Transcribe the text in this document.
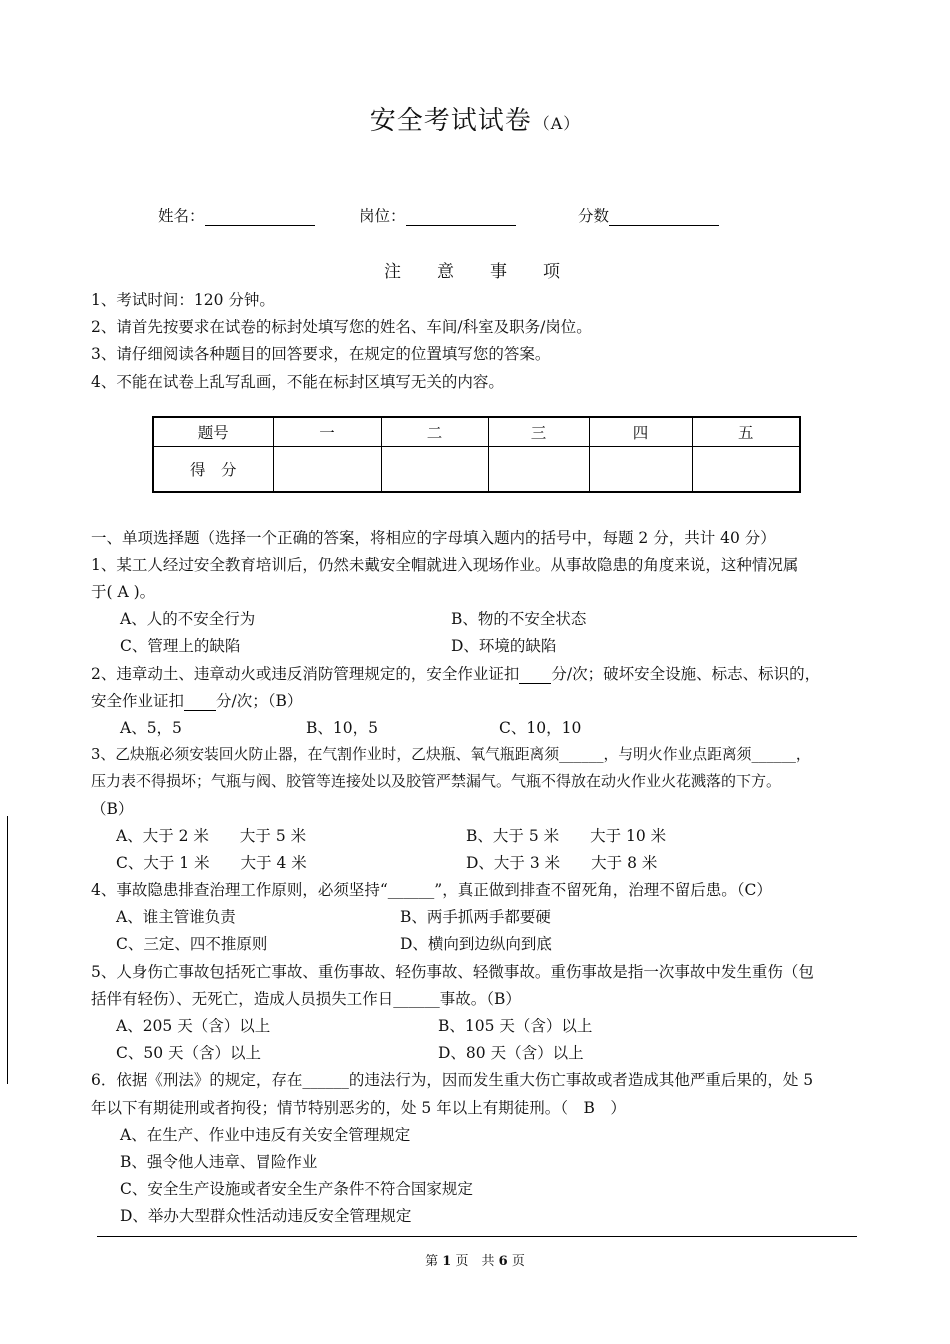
安全考试试卷 （A）
姓名：	岗位：	分数
注意事项
1、考试时间：120 分钟。
2、请首先按要求在试卷的标封处填写您的姓名、车间/科室及职务/岗位。
3、请仔细阅读各种题目的回答要求，在规定的位置填写您的答案。
4、不能在试卷上乱写乱画，不能在标封区填写无关的内容。
题号	一	二	三	四	五
得　分					
一、单项选择题（选择一个正确的答案，将相应的字母填入题内的括号中，每题 2 分，共计 40 分）
1、某工人经过安全教育培训后，仍然未戴安全帽就进入现场作业。从事故隐患的角度来说，这种情况属
于( A )。
A、人的不安全行为	B、物的不安全状态
C、管理上的缺陷	D、环境的缺陷
2、违章动土、违章动火或违反消防管理规定的，安全作业证扣 分/次；破坏安全设施、标志、标识的，
安全作业证扣 分/次；（B）
A、5，5	B、10，5	C、10，10
3、乙炔瓶必须安装回火防止器，在气割作业时，乙炔瓶、氧气瓶距离须______，与明火作业点距离须______，
压力表不得损坏；气瓶与阀、胶管等连接处以及胶管严禁漏气。气瓶不得放在动火作业火花溅落的下方。
（B）
A、大于 2 米　　大于 5 米	B、大于 5 米　　大于 10 米
C、大于 1 米　　大于 4 米	D、大于 3 米　　大于 8 米
4、事故隐患排查治理工作原则，必须坚持“______”，真正做到排查不留死角，治理不留后患。（C）
A、谁主管谁负责	B、两手抓两手都要硬
C、三定、四不推原则	D、横向到边纵向到底
5、人身伤亡事故包括死亡事故、重伤事故、轻伤事故、轻微事故。重伤事故是指一次事故中发生重伤（包
括伴有轻伤）、无死亡，造成人员损失工作日______事故。（B）
A、205 天（含）以上	B、105 天（含）以上
C、50 天（含）以上	D、80 天（含）以上
6．依据《刑法》的规定，存在______的违法行为，因而发生重大伤亡事故或者造成其他严重后果的，处 5
年以下有期徒刑或者拘役；情节特别恶劣的，处 5 年以上有期徒刑。（　B　）
A、在生产、作业中违反有关安全管理规定
B、强令他人违章、冒险作业
C、安全生产设施或者安全生产条件不符合国家规定
D、举办大型群众性活动违反安全管理规定
第 1 页　共 6 页
